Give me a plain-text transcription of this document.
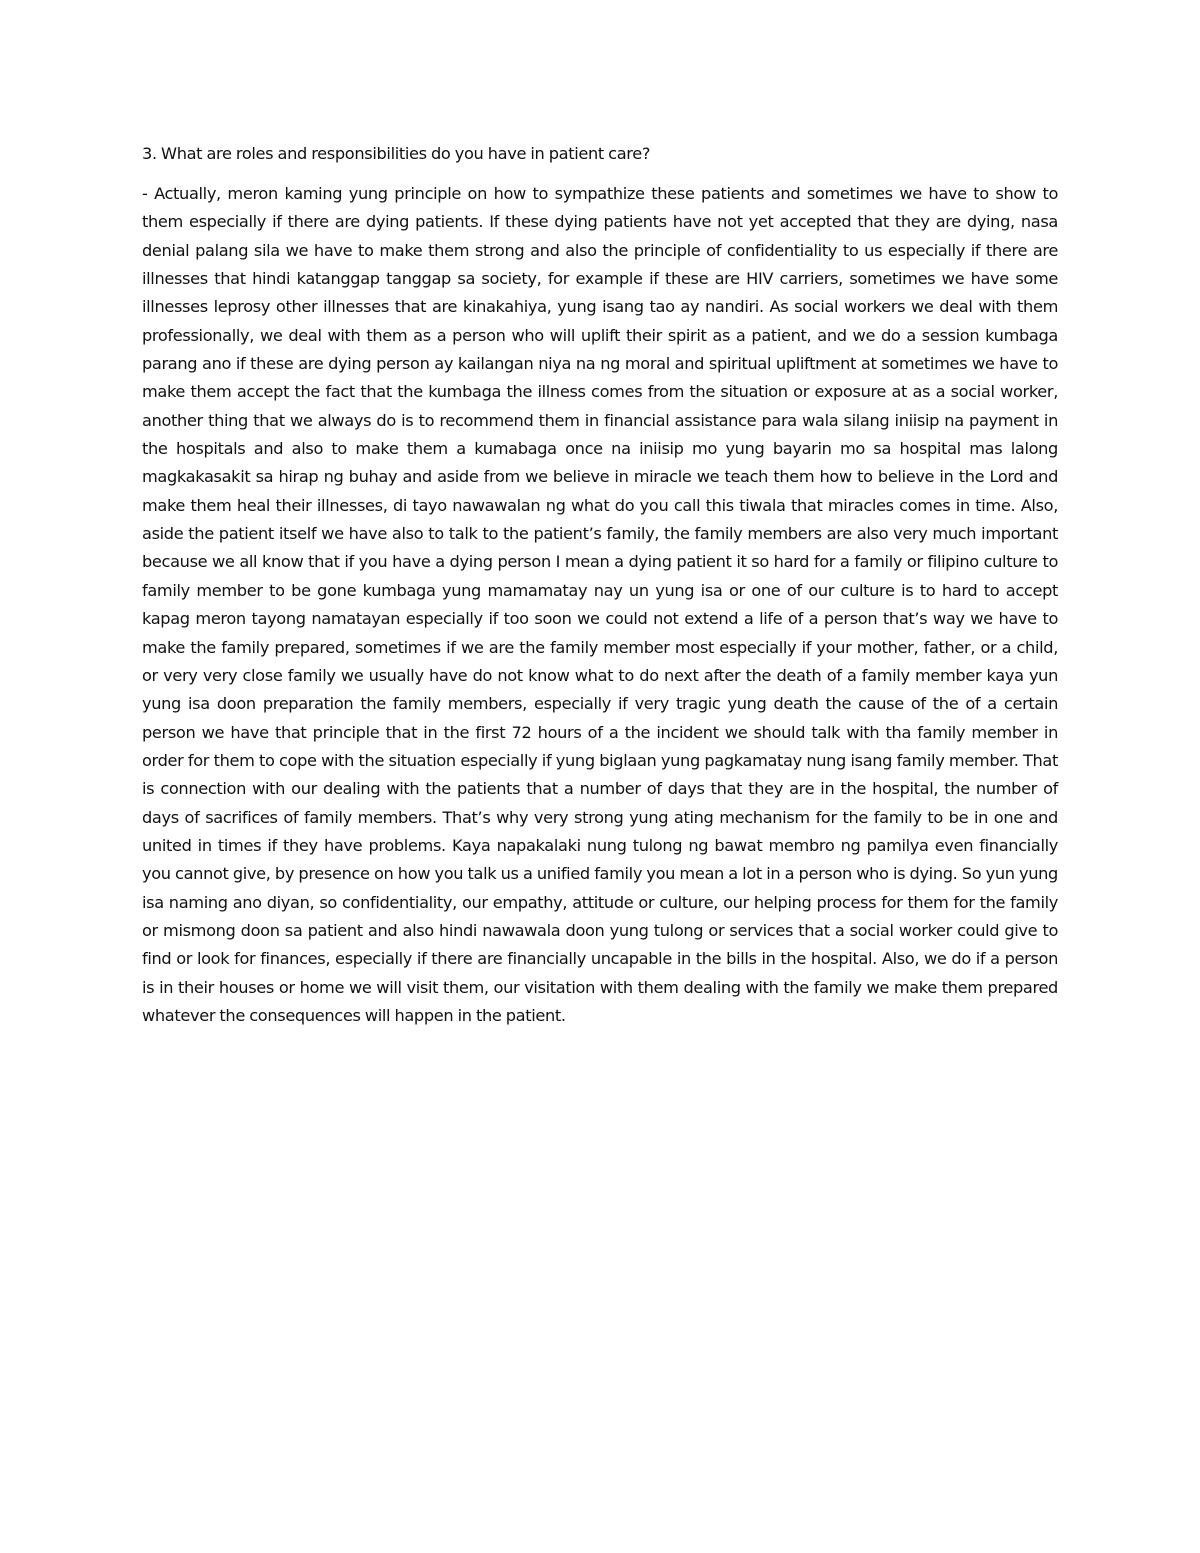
3. What are roles and responsibilities do you have in patient care?

- Actually, meron kaming yung principle on how to sympathize these patients and sometimes we have to show to them especially if there are dying patients. If these dying patients have not yet accepted that they are dying, nasa denial palang sila we have to make them strong and also the principle of confidentiality to us especially if there are illnesses that hindi katanggap tanggap sa society, for example if these are HIV carriers, sometimes we have some illnesses leprosy other illnesses that are kinakahiya, yung isang tao ay nandiri. As social workers we deal with them professionally, we deal with them as a person who will uplift their spirit as a patient, and we do a session kumbaga parang ano if these are dying person ay kailangan niya na ng moral and spiritual upliftment at sometimes we have to make them accept the fact that the kumbaga the illness comes from the situation or exposure at as a social worker, another thing that we always do is to recommend them in financial assistance para wala silang iniisip na payment in the hospitals and also to make them a kumabaga once na iniisip mo yung bayarin mo sa hospital mas lalong magkakasakit sa hirap ng buhay and aside from we believe in miracle we teach them how to believe in the Lord and make them heal their illnesses, di tayo nawawalan ng what do you call this tiwala that miracles comes in time. Also, aside the patient itself we have also to talk to the patient’s family, the family members are also very much important because we all know that if you have a dying person I mean a dying patient it so hard for a family or filipino culture to family member to be gone kumbaga yung mamamatay nay un yung isa or one of our culture is to hard to accept kapag meron tayong namatayan especially if too soon we could not extend a life of a person that’s way we have to make the family prepared, sometimes if we are the family member most especially if your mother, father, or a child, or very very close family we usually have do not know what to do next after the death of a family member kaya yun yung isa doon preparation the family members, especially if very tragic yung death the cause of the of a certain person we have that principle that in the first 72 hours of a the incident we should talk with tha family member in order for them to cope with the situation especially if yung biglaan yung pagkamatay nung isang family member. That is connection with our dealing with the patients that a number of days that they are in the hospital, the number of days of sacrifices of family members. That’s why very strong yung ating mechanism for the family to be in one and united in times if they have problems. Kaya napakalaki nung tulong ng bawat membro ng pamilya even financially you cannot give, by presence on how you talk us a unified family you mean a lot in a person who is dying. So yun yung isa naming ano diyan, so confidentiality, our empathy, attitude or culture, our helping process for them for the family or mismong doon sa patient and also hindi nawawala doon yung tulong or services that a social worker could give to find or look for finances, especially if there are financially uncapable in the bills in the hospital. Also, we do if a person is in their houses or home we will visit them, our visitation with them dealing with the family we make them prepared whatever the consequences will happen in the patient.
